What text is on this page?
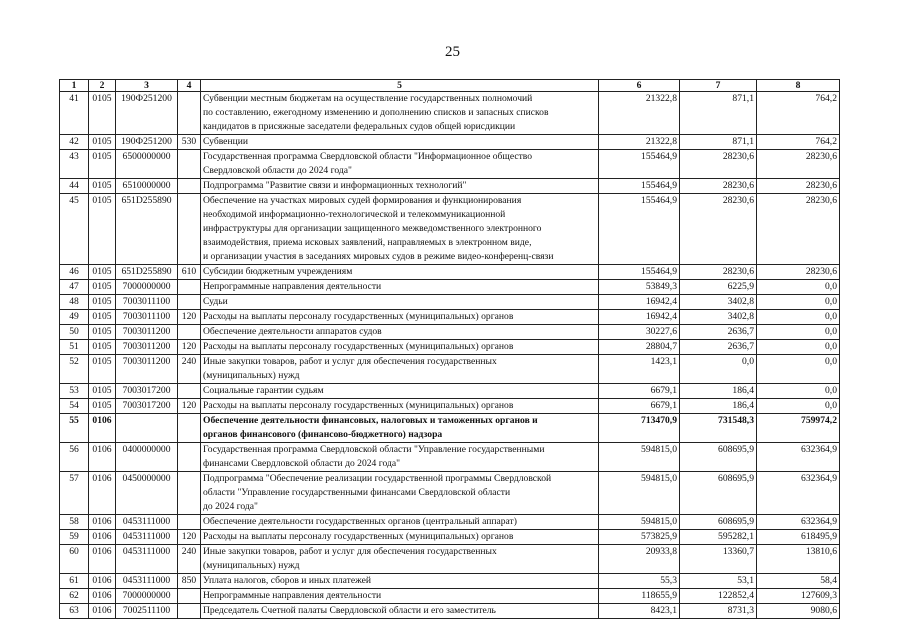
25
1	2	3	4	5	6	7	8
41	0105	190Ф251200		Субвенции местным бюджетам на осуществление государственных полномочий
по составлению, ежегодному изменению и дополнению списков и запасных списков
кандидатов в присяжные заседатели федеральных судов общей юрисдикции	21322,8	871,1	764,2
42	0105	190Ф251200	530	Субвенции	21322,8	871,1	764,2
43	0105	6500000000		Государственная программа Свердловской области "Информационное общество
Свердловской области до 2024 года"	155464,9	28230,6	28230,6
44	0105	6510000000		Подпрограмма "Развитие связи и информационных технологий"	155464,9	28230,6	28230,6
45	0105	651D255890		Обеспечение на участках мировых судей формирования и функционирования
необходимой информационно-технологической и телекоммуникационной
инфраструктуры для организации защищенного межведомственного электронного
взаимодействия, приема исковых заявлений, направляемых в электронном виде,
и организации участия в заседаниях мировых судов в режиме видео-конференц-связи	155464,9	28230,6	28230,6
46	0105	651D255890	610	Субсидии бюджетным учреждениям	155464,9	28230,6	28230,6
47	0105	7000000000		Непрограммные направления деятельности	53849,3	6225,9	0,0
48	0105	7003011100		Судьи	16942,4	3402,8	0,0
49	0105	7003011100	120	Расходы на выплаты персоналу государственных (муниципальных) органов	16942,4	3402,8	0,0
50	0105	7003011200		Обеспечение деятельности аппаратов судов	30227,6	2636,7	0,0
51	0105	7003011200	120	Расходы на выплаты персоналу государственных (муниципальных) органов	28804,7	2636,7	0,0
52	0105	7003011200	240	Иные закупки товаров, работ и услуг для обеспечения государственных
(муниципальных) нужд	1423,1	0,0	0,0
53	0105	7003017200		Социальные гарантии судьям	6679,1	186,4	0,0
54	0105	7003017200	120	Расходы на выплаты персоналу государственных (муниципальных) органов	6679,1	186,4	0,0
55	0106			Обеспечение деятельности финансовых, налоговых и таможенных органов и
органов финансового (финансово-бюджетного) надзора	713470,9	731548,3	759974,2
56	0106	0400000000		Государственная программа Свердловской области "Управление государственными
финансами Свердловской области до 2024 года"	594815,0	608695,9	632364,9
57	0106	0450000000		Подпрограмма "Обеспечение реализации государственной программы Свердловской
области "Управление государственными финансами Свердловской области
до 2024 года"	594815,0	608695,9	632364,9
58	0106	0453111000		Обеспечение деятельности государственных органов (центральный аппарат)	594815,0	608695,9	632364,9
59	0106	0453111000	120	Расходы на выплаты персоналу государственных (муниципальных) органов	573825,9	595282,1	618495,9
60	0106	0453111000	240	Иные закупки товаров, работ и услуг для обеспечения государственных
(муниципальных) нужд	20933,8	13360,7	13810,6
61	0106	0453111000	850	Уплата налогов, сборов и иных платежей	55,3	53,1	58,4
62	0106	7000000000		Непрограммные направления деятельности	118655,9	122852,4	127609,3
63	0106	7002511100		Председатель Счетной палаты Свердловской области и его заместитель	8423,1	8731,3	9080,6
